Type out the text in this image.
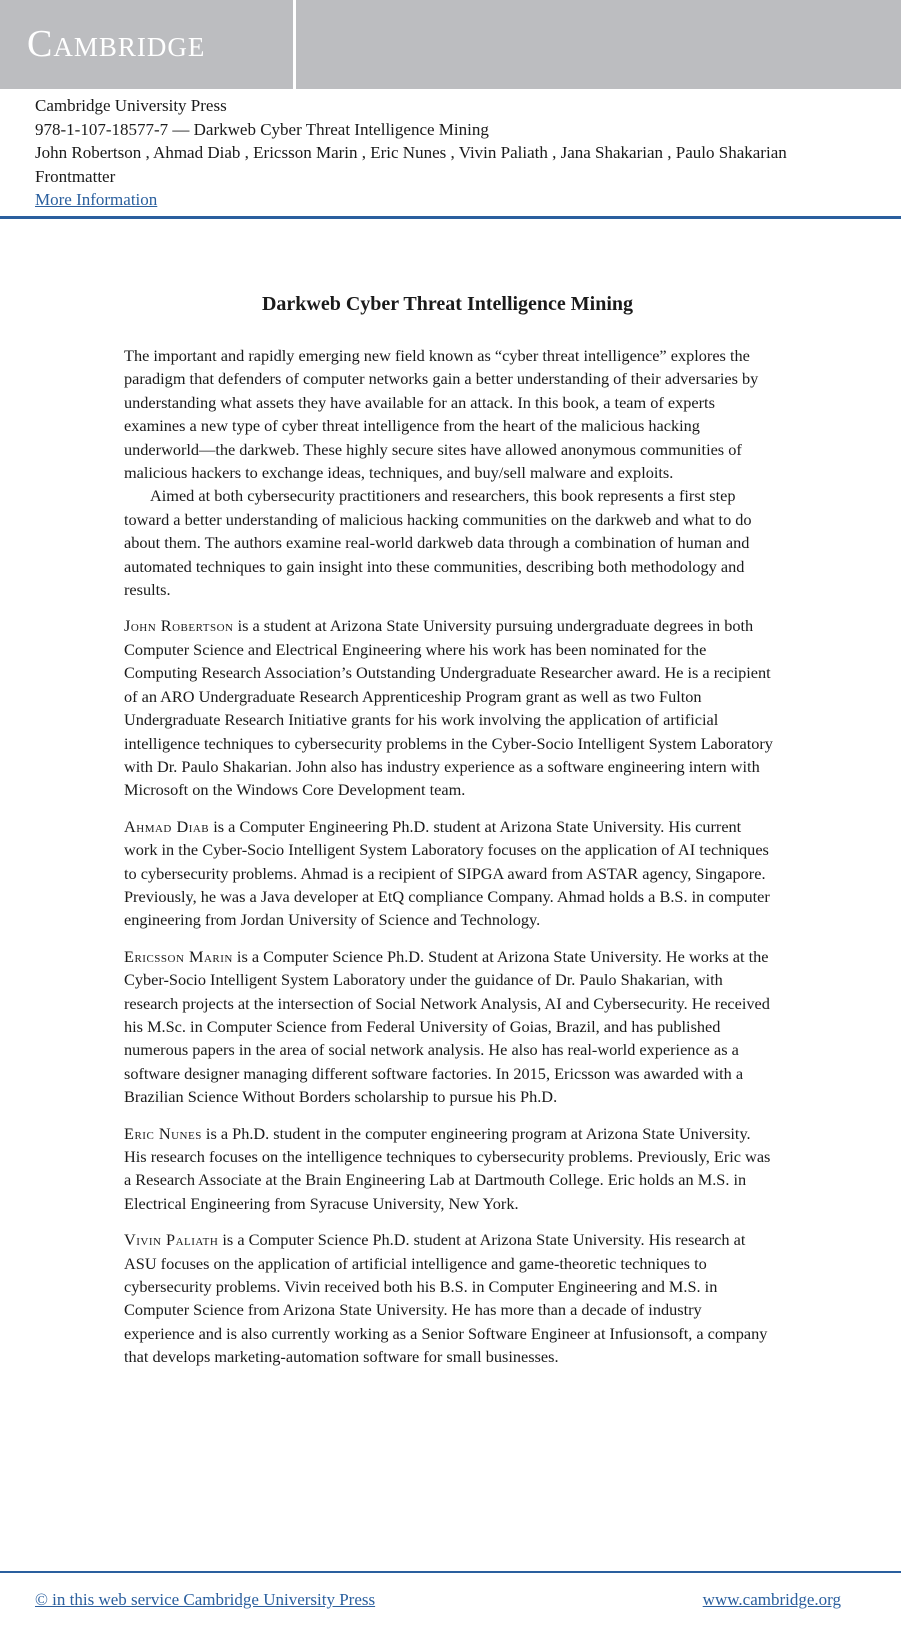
Cambridge
Cambridge University Press
978-1-107-18577-7 — Darkweb Cyber Threat Intelligence Mining
John Robertson , Ahmad Diab , Ericsson Marin , Eric Nunes , Vivin Paliath , Jana Shakarian , Paulo Shakarian
Frontmatter
More Information
Darkweb Cyber Threat Intelligence Mining

The important and rapidly emerging new field known as “cyber threat intelligence” explores the paradigm that defenders of computer networks gain a better understanding of their adversaries by understanding what assets they have available for an attack. In this book, a team of experts examines a new type of cyber threat intelligence from the heart of the malicious hacking underworld—the darkweb. These highly secure sites have allowed anonymous communities of malicious hackers to exchange ideas, techniques, and buy/sell malware and exploits.

Aimed at both cybersecurity practitioners and researchers, this book represents a first step toward a better understanding of malicious hacking communities on the darkweb and what to do about them. The authors examine real-world darkweb data through a combination of human and automated techniques to gain insight into these communities, describing both methodology and results.

John Robertson is a student at Arizona State University pursuing undergraduate degrees in both Computer Science and Electrical Engineering where his work has been nominated for the Computing Research Association’s Outstanding Undergraduate Researcher award. He is a recipient of an ARO Undergraduate Research Apprenticeship Program grant as well as two Fulton Undergraduate Research Initiative grants for his work involving the application of artificial intelligence techniques to cybersecurity problems in the Cyber-Socio Intelligent System Laboratory with Dr. Paulo Shakarian. John also has industry experience as a software engineering intern with Microsoft on the Windows Core Development team.

Ahmad Diab is a Computer Engineering Ph.D. student at Arizona State University. His current work in the Cyber-Socio Intelligent System Laboratory focuses on the application of AI techniques to cybersecurity problems. Ahmad is a recipient of SIPGA award from ASTAR agency, Singapore. Previously, he was a Java developer at EtQ compliance Company. Ahmad holds a B.S. in computer engineering from Jordan University of Science and Technology.

Ericsson Marin is a Computer Science Ph.D. Student at Arizona State University. He works at the Cyber-Socio Intelligent System Laboratory under the guidance of Dr. Paulo Shakarian, with research projects at the intersection of Social Network Analysis, AI and Cybersecurity. He received his M.Sc. in Computer Science from Federal University of Goias, Brazil, and has published numerous papers in the area of social network analysis. He also has real-world experience as a software designer managing different software factories. In 2015, Ericsson was awarded with a Brazilian Science Without Borders scholarship to pursue his Ph.D.

Eric Nunes is a Ph.D. student in the computer engineering program at Arizona State University. His research focuses on the intelligence techniques to cybersecurity problems. Previously, Eric was a Research Associate at the Brain Engineering Lab at Dartmouth College. Eric holds an M.S. in Electrical Engineering from Syracuse University, New York.

Vivin Paliath is a Computer Science Ph.D. student at Arizona State University. His research at ASU focuses on the application of artificial intelligence and game-theoretic techniques to cybersecurity problems. Vivin received both his B.S. in Computer Engineering and M.S. in Computer Science from Arizona State University. He has more than a decade of industry experience and is also currently working as a Senior Software Engineer at Infusionsoft, a company that develops marketing-automation software for small businesses.

© in this web service Cambridge University Press	www.cambridge.org
